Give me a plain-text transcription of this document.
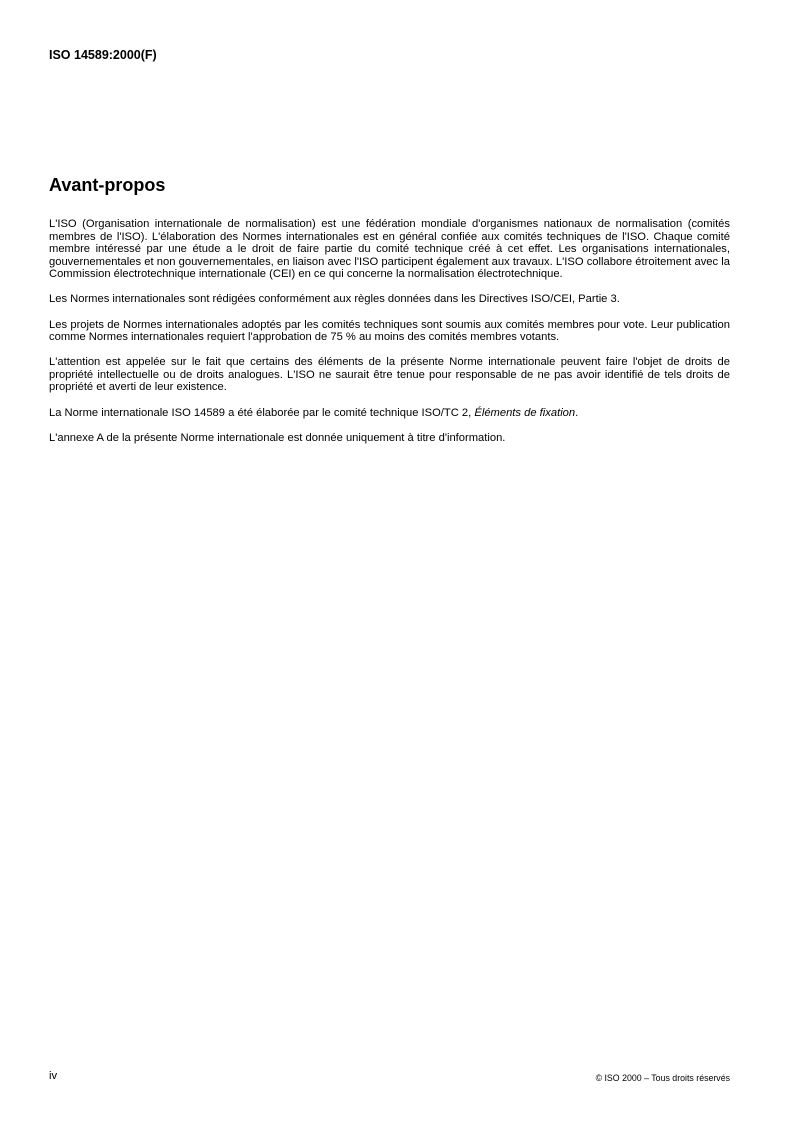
ISO 14589:2000(F)

Avant-propos

L'ISO (Organisation internationale de normalisation) est une fédération mondiale d'organismes nationaux de normalisation (comités membres de l'ISO). L'élaboration des Normes internationales est en général confiée aux comités techniques de l'ISO. Chaque comité membre intéressé par une étude a le droit de faire partie du comité technique créé à cet effet. Les organisations internationales, gouvernementales et non gouvernementales, en liaison avec l'ISO participent également aux travaux. L'ISO collabore étroitement avec la Commission électrotechnique internationale (CEI) en ce qui concerne la normalisation électrotechnique.

Les Normes internationales sont rédigées conformément aux règles données dans les Directives ISO/CEI, Partie 3.

Les projets de Normes internationales adoptés par les comités techniques sont soumis aux comités membres pour vote. Leur publication comme Normes internationales requiert l'approbation de 75 % au moins des comités membres votants.

L'attention est appelée sur le fait que certains des éléments de la présente Norme internationale peuvent faire l'objet de droits de propriété intellectuelle ou de droits analogues. L'ISO ne saurait être tenue pour responsable de ne pas avoir identifié de tels droits de propriété et averti de leur existence.

La Norme internationale ISO 14589 a été élaborée par le comité technique ISO/TC 2, Éléments de fixation.

L'annexe A de la présente Norme internationale est donnée uniquement à titre d'information.

iv	© ISO 2000 – Tous droits réservés
